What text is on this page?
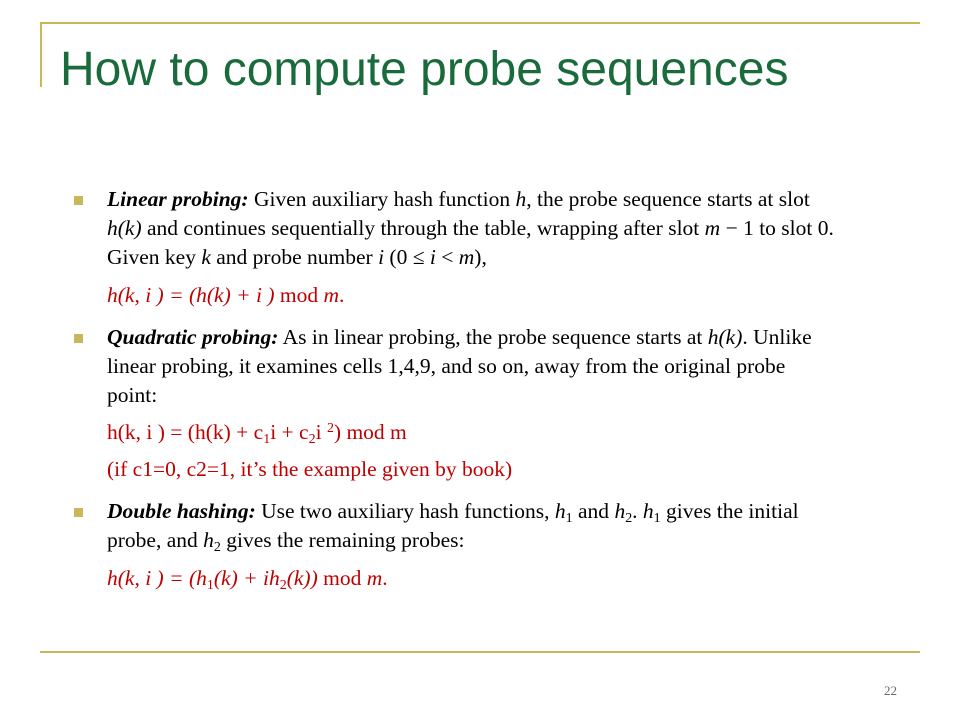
How to compute probe sequences
Linear probing: Given auxiliary hash function h, the probe sequence starts at slot h(k) and continues sequentially through the table, wrapping after slot m − 1 to slot 0. Given key k and probe number i (0 ≤ i < m),
h(k, i ) = (h(k) + i ) mod m.
Quadratic probing: As in linear probing, the probe sequence starts at h(k). Unlike linear probing, it examines cells 1,4,9, and so on, away from the original probe point:
h(k, i ) = ($h(k) + c_1i + c_2i$ $^2$) mod m
(if c1=0, c2=1, it’s the example given by book)
Double hashing: Use two auxiliary hash functions, $h_1$ and $h_2$. $h_1$ gives the initial probe, and $h_2$ gives the remaining probes:
h(k, i ) = $(h_1(k) + ih_2(k))$ mod m.
22
